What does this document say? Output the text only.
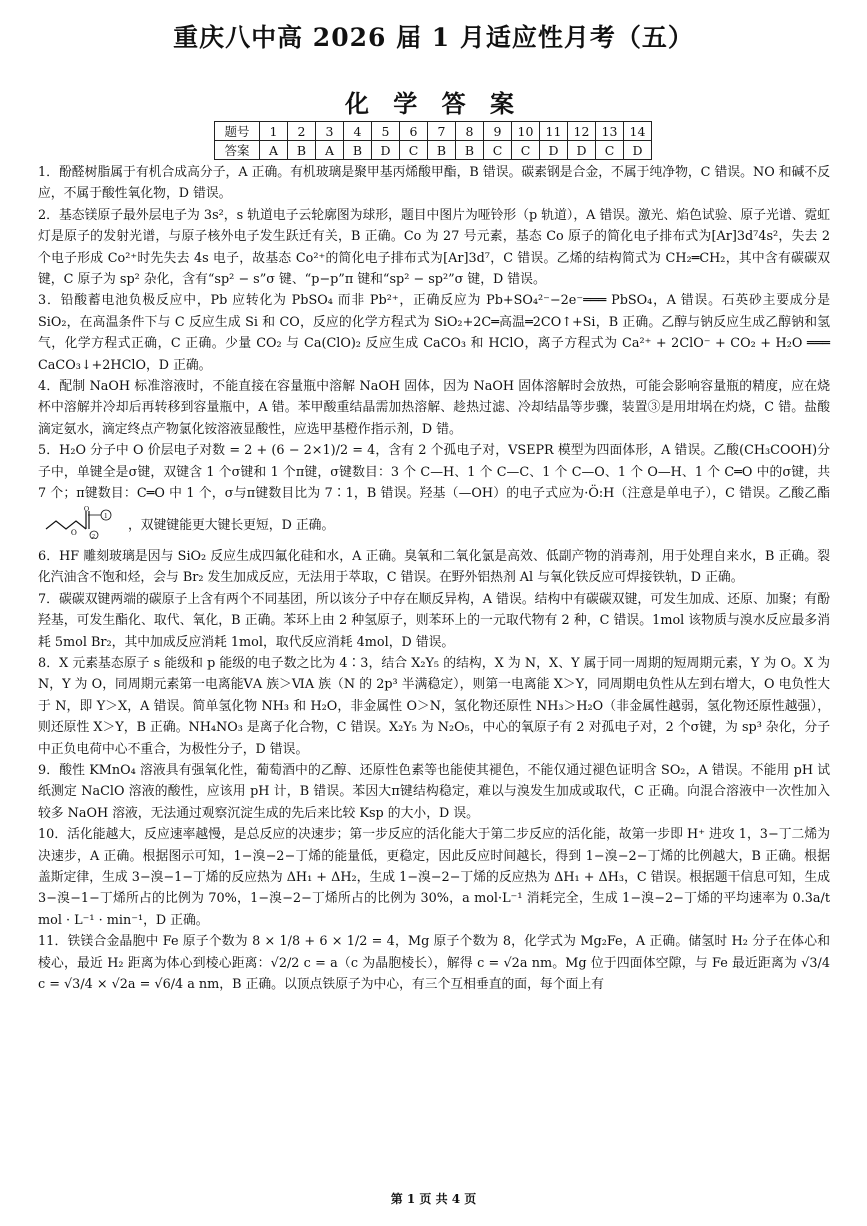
重庆八中高 2026 届 1 月适应性月考（五）
化 学 答 案
题号	1	2	3	4	5	6	7	8	9	10	11	12	13	14
答案	A	B	A	B	D	C	B	B	C	C	D	D	C	D

1．酚醛树脂属于有机合成高分子，A 正确。有机玻璃是聚甲基丙烯酸甲酯，B 错误。碳素钢是合金，不属于纯净物，C 错误。NO 和碱不反应，不属于酸性氧化物，D 错误。

2．基态镁原子最外层电子为 3s²，s 轨道电子云轮廓图为球形，题目中图片为哑铃形（p 轨道），A 错误。激光、焰色试验、原子光谱、霓虹灯是原子的发射光谱，与原子核外电子发生跃迁有关，B 正确。Co 为 27 号元素，基态 Co 原子的简化电子排布式为[Ar]3d⁷4s²，失去 2 个电子形成 Co²⁺时先失去 4s 电子，故基态 Co²⁺的简化电子排布式为[Ar]3d⁷，C 错误。乙烯的结构简式为 CH₂═CH₂，其中含有碳碳双键，C 原子为 sp² 杂化，含有“sp² − s”σ 键、“p−p”π 键和“sp² − sp²”σ 键，D 错误。

3．铅酸蓄电池负极反应中，Pb 应转化为 PbSO₄ 而非 Pb²⁺，正确反应为 Pb+SO₄²⁻−2e⁻═══ PbSO₄，A 错误。石英砂主要成分是 SiO₂，在高温条件下与 C 反应生成 Si 和 CO，反应的化学方程式为 SiO₂+2C═高温═2CO↑+Si，B 正确。乙醇与钠反应生成乙醇钠和氢气，化学方程式正确，C 正确。少量 CO₂ 与 Ca(ClO)₂ 反应生成 CaCO₃ 和 HClO，离子方程式为 Ca²⁺ + 2ClO⁻ + CO₂ + H₂O ═══ CaCO₃↓+2HClO，D 正确。

4．配制 NaOH 标准溶液时，不能直接在容量瓶中溶解 NaOH 固体，因为 NaOH 固体溶解时会放热，可能会影响容量瓶的精度，应在烧杯中溶解并冷却后再转移到容量瓶中，A 错。苯甲酸重结晶需加热溶解、趁热过滤、冷却结晶等步骤，装置③是用坩埚在灼烧，C 错。盐酸滴定氨水，滴定终点产物氯化铵溶液显酸性，应选甲基橙作指示剂，D 错。

5．H₂O 分子中 O 价层电子对数 = 2 + (6 − 2×1)/2 = 4，含有 2 个孤电子对，VSEPR 模型为四面体形，A 错误。乙酸(CH₃COOH)分子中，单键全是σ键，双键含 1 个σ键和 1 个π键，σ键数目：3 个 C—H、1 个 C—C、1 个 C—O、1 个 O—H、1 个 C═O 中的σ键，共 7 个；π键数目：C═O 中 1 个，σ与π键数目比为 7∶1，B 错误。羟基（—OH）的电子式应为·Ö:H（注意是单电子），C 错误。乙酸乙酯
O
O
1
2
，双键键能更大键长更短，D 正确。

6．HF 雕刻玻璃是因与 SiO₂ 反应生成四氟化硅和水，A 正确。臭氧和二氧化氯是高效、低副产物的消毒剂，用于处理自来水，B 正确。裂化汽油含不饱和烃，会与 Br₂ 发生加成反应，无法用于萃取，C 错误。在野外铝热剂 Al 与氧化铁反应可焊接铁轨，D 正确。

7．碳碳双键两端的碳原子上含有两个不同基团，所以该分子中存在顺反异构，A 错误。结构中有碳碳双键，可发生加成、还原、加聚；有酚羟基，可发生酯化、取代、氧化，B 正确。苯环上由 2 种氢原子，则苯环上的一元取代物有 2 种，C 错误。1mol 该物质与溴水反应最多消耗 5mol Br₂，其中加成反应消耗 1mol，取代反应消耗 4mol，D 错误。

8．X 元素基态原子 s 能级和 p 能级的电子数之比为 4∶3，结合 X₂Y₅ 的结构，X 为 N，X、Y 属于同一周期的短周期元素，Y 为 O。X 为 N，Y 为 O，同周期元素第一电离能ⅤA 族＞ⅥA 族（N 的 2p³ 半满稳定），则第一电离能 X＞Y，同周期电负性从左到右增大，O 电负性大于 N，即 Y＞X，A 错误。简单氢化物 NH₃ 和 H₂O，非金属性 O＞N，氢化物还原性 NH₃＞H₂O（非金属性越弱，氢化物还原性越强），则还原性 X＞Y，B 正确。NH₄NO₃ 是离子化合物，C 错误。X₂Y₅ 为 N₂O₅，中心的氧原子有 2 对孤电子对，2 个σ键，为 sp³ 杂化，分子中正负电荷中心不重合，为极性分子，D 错误。

9．酸性 KMnO₄ 溶液具有强氧化性，葡萄酒中的乙醇、还原性色素等也能使其褪色，不能仅通过褪色证明含 SO₂，A 错误。不能用 pH 试纸测定 NaClO 溶液的酸性，应该用 pH 计，B 错误。苯因大π键结构稳定，难以与溴发生加成或取代，C 正确。向混合溶液中一次性加入较多 NaOH 溶液，无法通过观察沉淀生成的先后来比较 Ksp 的大小，D 误。

10．活化能越大，反应速率越慢，是总反应的决速步；第一步反应的活化能大于第二步反应的活化能，故第一步即 H⁺ 进攻 1，3−丁二烯为决速步，A 正确。根据图示可知，1−溴−2−丁烯的能量低，更稳定，因此反应时间越长，得到 1−溴−2−丁烯的比例越大，B 正确。根据盖斯定律，生成 3−溴−1−丁烯的反应热为 ΔH₁ + ΔH₂，生成 1−溴−2−丁烯的反应热为 ΔH₁ + ΔH₃，C 错误。根据题干信息可知，生成 3−溴−1−丁烯所占的比例为 70%，1−溴−2−丁烯所占的比例为 30%，a mol·L⁻¹ 消耗完全，生成 1−溴−2−丁烯的平均速率为 0.3a/t mol · L⁻¹ · min⁻¹，D 正确。

11．铁镁合金晶胞中 Fe 原子个数为 8 × 1/8 + 6 × 1/2 = 4，Mg 原子个数为 8，化学式为 Mg₂Fe，A 正确。储氢时 H₂ 分子在体心和棱心，最近 H₂ 距离为体心到棱心距离：√2/2 c = a（c 为晶胞棱长），解得 c = √2a nm。Mg 位于四面体空隙，与 Fe 最近距离为 √3/4 c = √3/4 × √2a = √6/4 a nm，B 正确。以顶点铁原子为中心，有三个互相垂直的面，每个面上有

第 1 页 共 4 页
